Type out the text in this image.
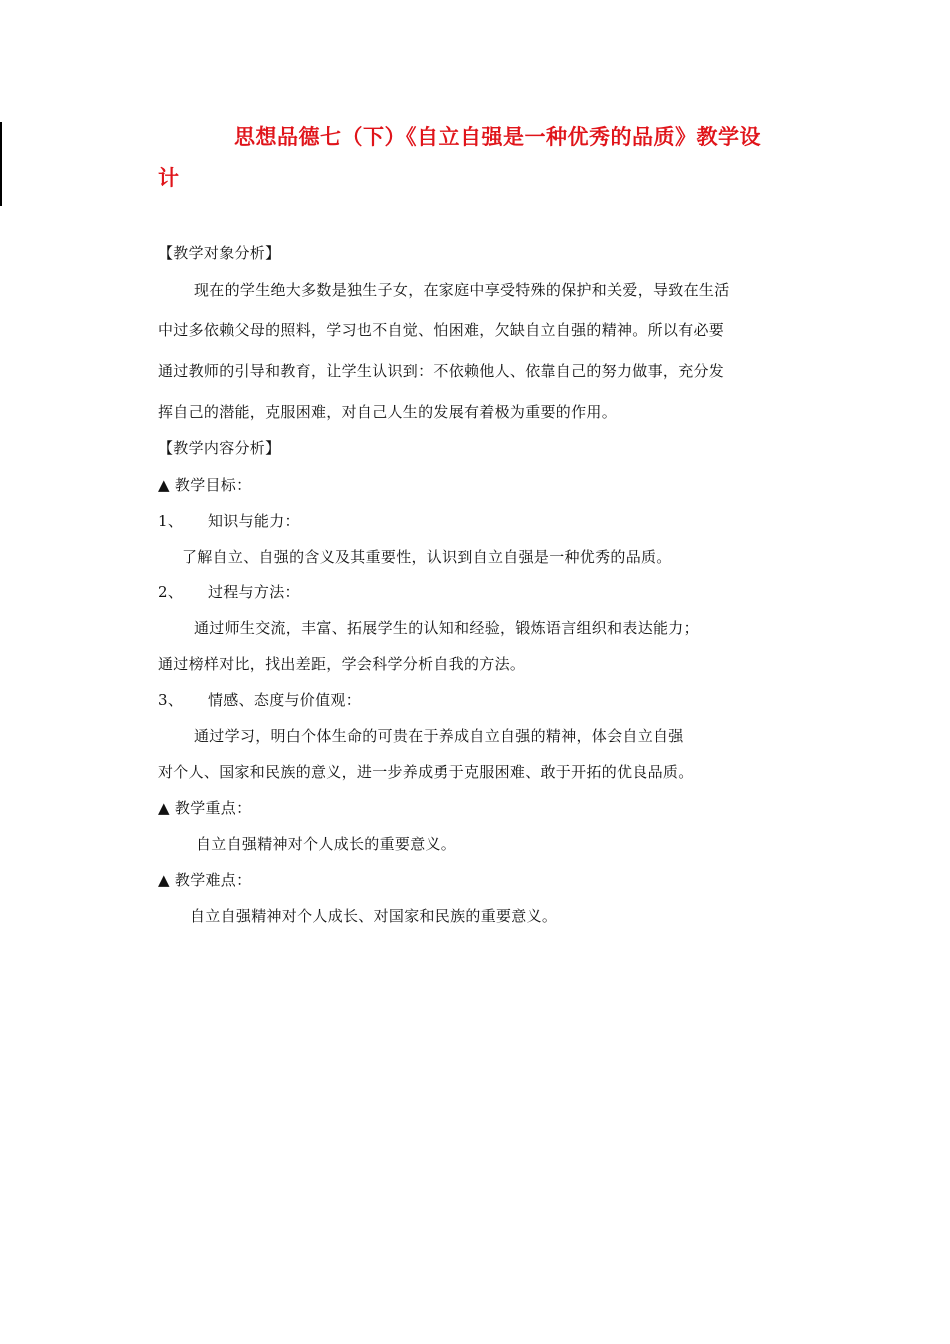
思想品德七（下）《自立自强是一种优秀的品质》教学设
计
【教学对象分析】
现在的学生绝大多数是独生子女，在家庭中享受特殊的保护和关爱，导致在生活
中过多依赖父母的照料，学习也不自觉、怕困难，欠缺自立自强的精神。所以有必要
通过教师的引导和教育，让学生认识到：不依赖他人、依靠自己的努力做事，充分发
挥自己的潜能，克服困难，对自己人生的发展有着极为重要的作用。
【教学内容分析】
▲ 教学目标：
1、 知识与能力：
了解自立、自强的含义及其重要性，认识到自立自强是一种优秀的品质。
2、 过程与方法：
通过师生交流，丰富、拓展学生的认知和经验，锻炼语言组织和表达能力；
通过榜样对比，找出差距，学会科学分析自我的方法。
3、 情感、态度与价值观：
通过学习，明白个体生命的可贵在于养成自立自强的精神，体会自立自强
对个人、国家和民族的意义，进一步养成勇于克服困难、敢于开拓的优良品质。
▲ 教学重点：
自立自强精神对个人成长的重要意义。
▲ 教学难点：
自立自强精神对个人成长、对国家和民族的重要意义。
